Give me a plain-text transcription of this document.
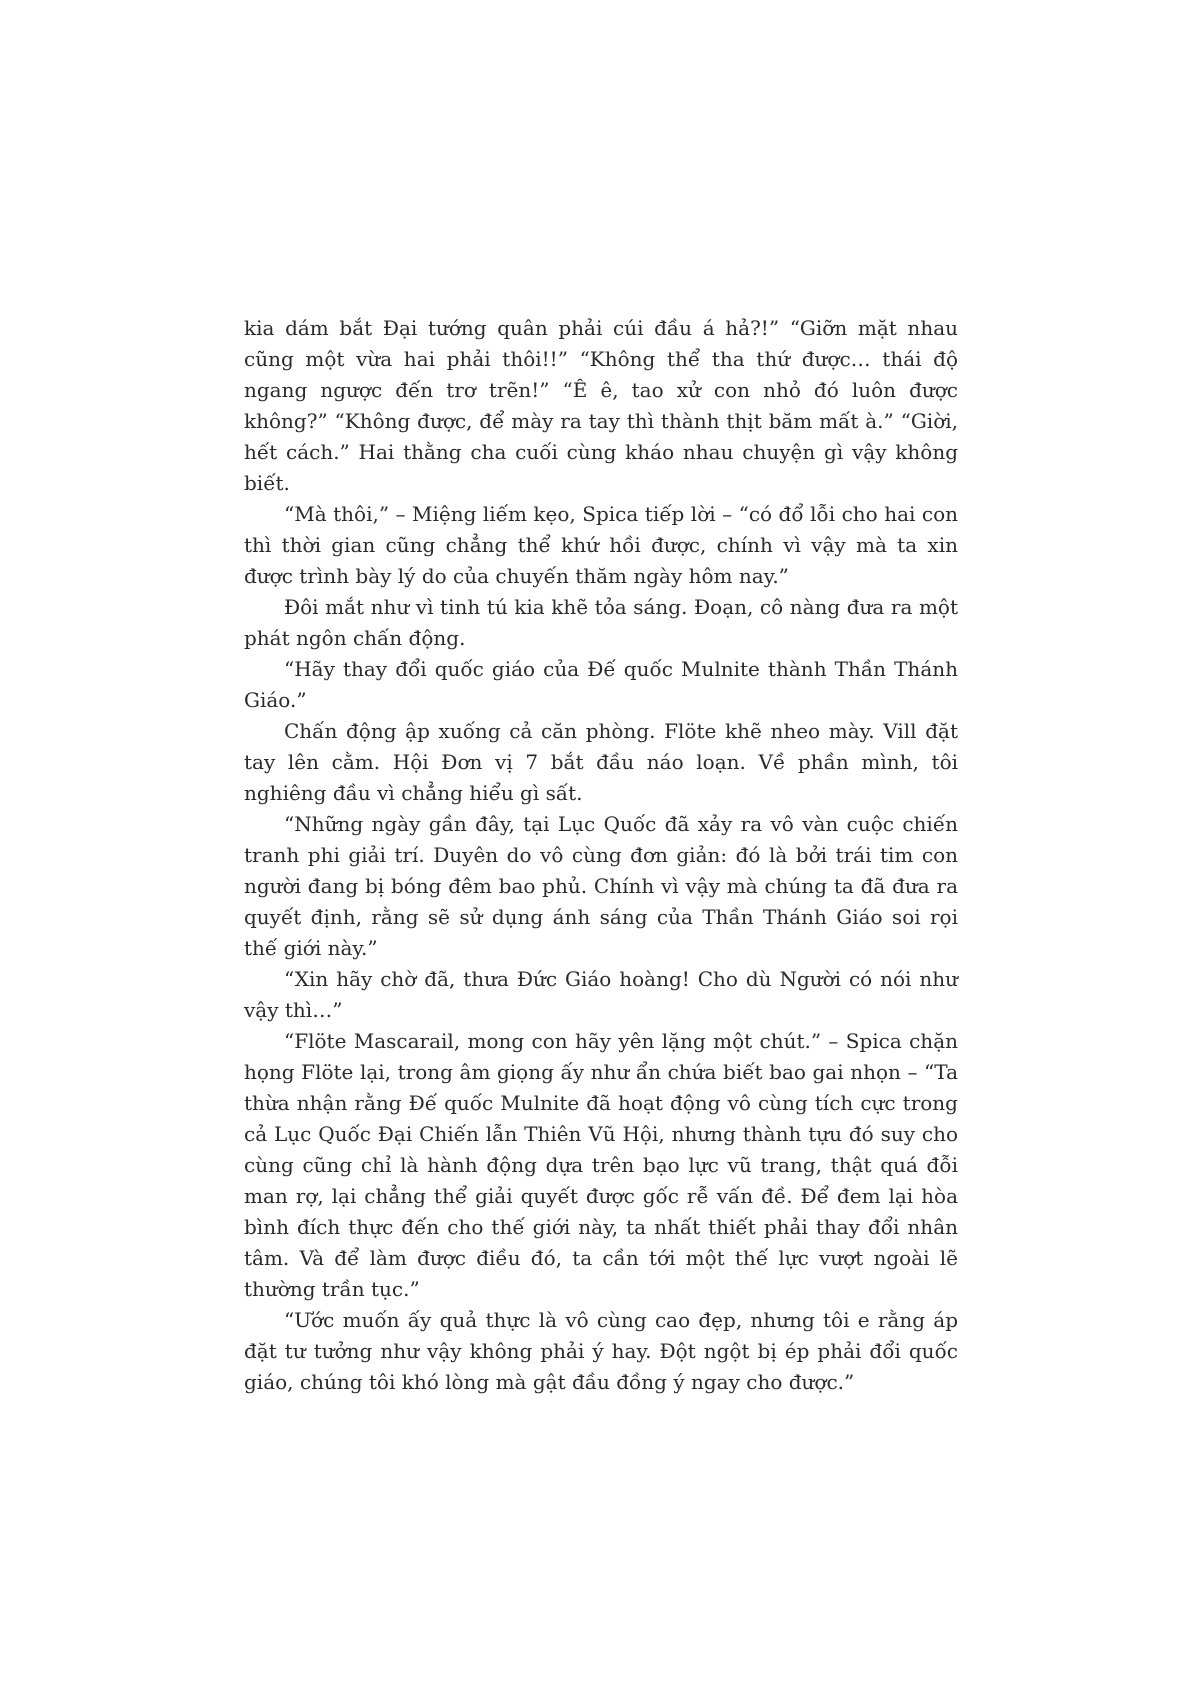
kia dám bắt Đại tướng quân phải cúi đầu á hả?!” “Giỡn mặt nhau cũng một vừa hai phải thôi!!” “Không thể tha thứ được… thái độ ngang ngược đến trơ trẽn!” “Ê ê, tao xử con nhỏ đó luôn được không?” “Không được, để mày ra tay thì thành thịt băm mất à.” “Giời, hết cách.” Hai thằng cha cuối cùng kháo nhau chuyện gì vậy không biết.

“Mà thôi,” – Miệng liếm kẹo, Spica tiếp lời – “có đổ lỗi cho hai con thì thời gian cũng chẳng thể khứ hồi được, chính vì vậy mà ta xin được trình bày lý do của chuyến thăm ngày hôm nay.”

Đôi mắt như vì tinh tú kia khẽ tỏa sáng. Đoạn, cô nàng đưa ra một phát ngôn chấn động.

“Hãy thay đổi quốc giáo của Đế quốc Mulnite thành Thần Thánh Giáo.”

Chấn động ập xuống cả căn phòng. Flöte khẽ nheo mày. Vill đặt tay lên cằm. Hội Đơn vị 7 bắt đầu náo loạn. Về phần mình, tôi nghiêng đầu vì chẳng hiểu gì sất.

“Những ngày gần đây, tại Lục Quốc đã xảy ra vô vàn cuộc chiến tranh phi giải trí. Duyên do vô cùng đơn giản: đó là bởi trái tim con người đang bị bóng đêm bao phủ. Chính vì vậy mà chúng ta đã đưa ra quyết định, rằng sẽ sử dụng ánh sáng của Thần Thánh Giáo soi rọi thế giới này.”

“Xin hãy chờ đã, thưa Đức Giáo hoàng! Cho dù Người có nói như vậy thì…”

“Flöte Mascarail, mong con hãy yên lặng một chút.” – Spica chặn họng Flöte lại, trong âm giọng ấy như ẩn chứa biết bao gai nhọn – “Ta thừa nhận rằng Đế quốc Mulnite đã hoạt động vô cùng tích cực trong cả Lục Quốc Đại Chiến lẫn Thiên Vũ Hội, nhưng thành tựu đó suy cho cùng cũng chỉ là hành động dựa trên bạo lực vũ trang, thật quá đỗi man rợ, lại chẳng thể giải quyết được gốc rễ vấn đề. Để đem lại hòa bình đích thực đến cho thế giới này, ta nhất thiết phải thay đổi nhân tâm. Và để làm được điều đó, ta cần tới một thế lực vượt ngoài lẽ thường trần tục.”

“Ước muốn ấy quả thực là vô cùng cao đẹp, nhưng tôi e rằng áp đặt tư tưởng như vậy không phải ý hay. Đột ngột bị ép phải đổi quốc giáo, chúng tôi khó lòng mà gật đầu đồng ý ngay cho được.”
